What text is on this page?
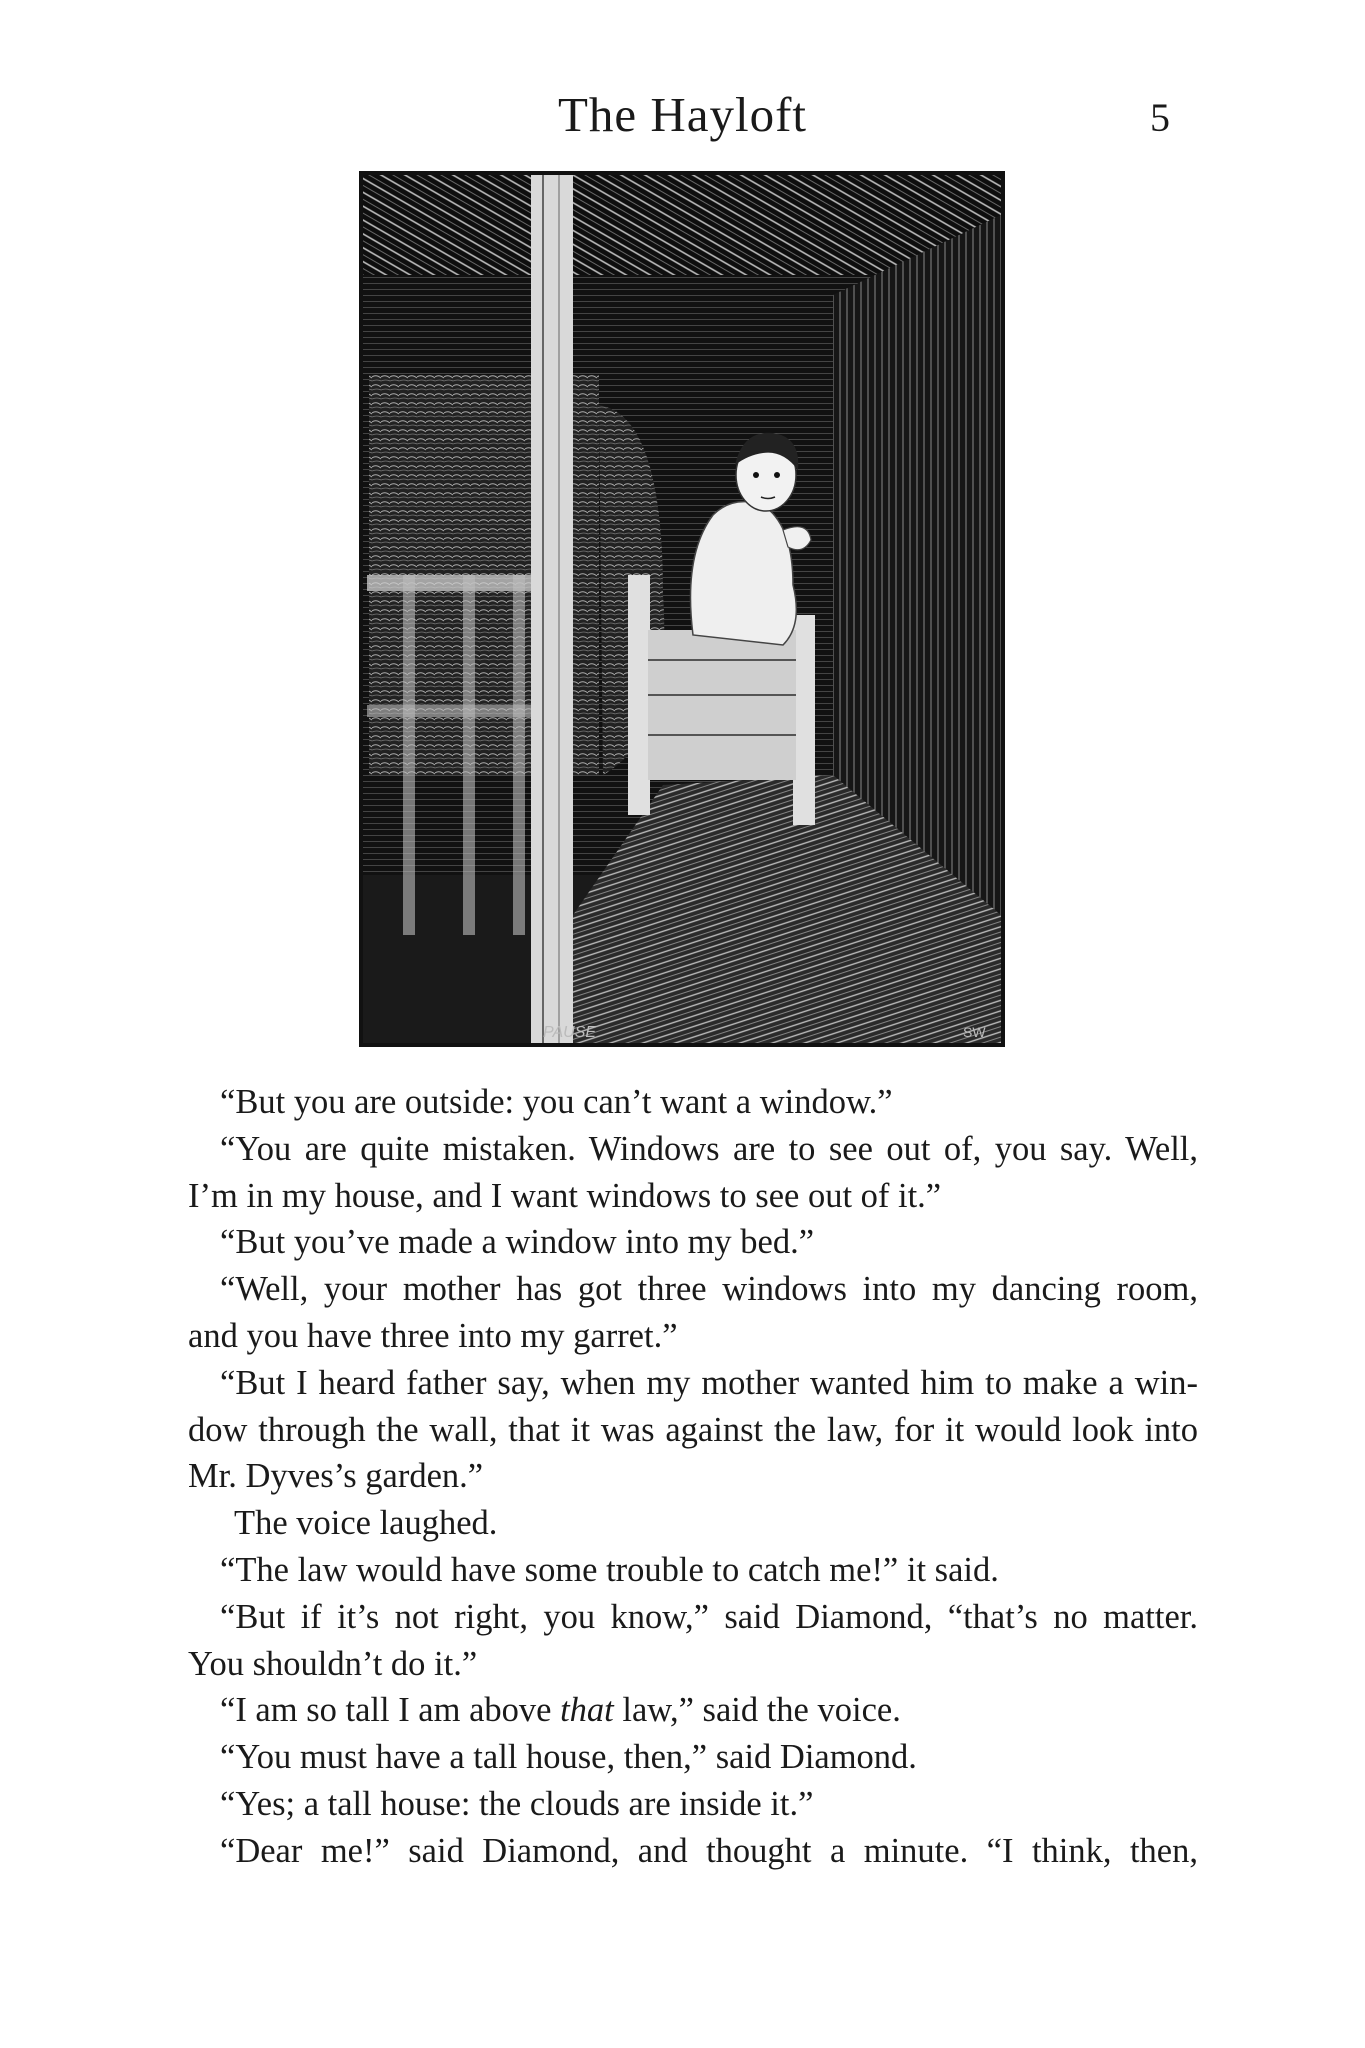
The Hayloft	5
PAUSE	SW

“But you are outside: you can’t want a window.”

“You are quite mistaken. Windows are to see out of, you say. Well,

I’m in my house, and I want windows to see out of it.”

“But you’ve made a window into my bed.”

“Well, your mother has got three windows into my dancing room,

and you have three into my garret.”

“But I heard father say, when my mother wanted him to make a win-

dow through the wall, that it was against the law, for it would look into

Mr. Dyves’s garden.”

The voice laughed.

“The law would have some trouble to catch me!” it said.

“But if it’s not right, you know,” said Diamond, “that’s no matter.

You shouldn’t do it.”

“I am so tall I am above that law,” said the voice.

“You must have a tall house, then,” said Diamond.

“Yes; a tall house: the clouds are inside it.”

“Dear me!” said Diamond, and thought a minute. “I think, then,
